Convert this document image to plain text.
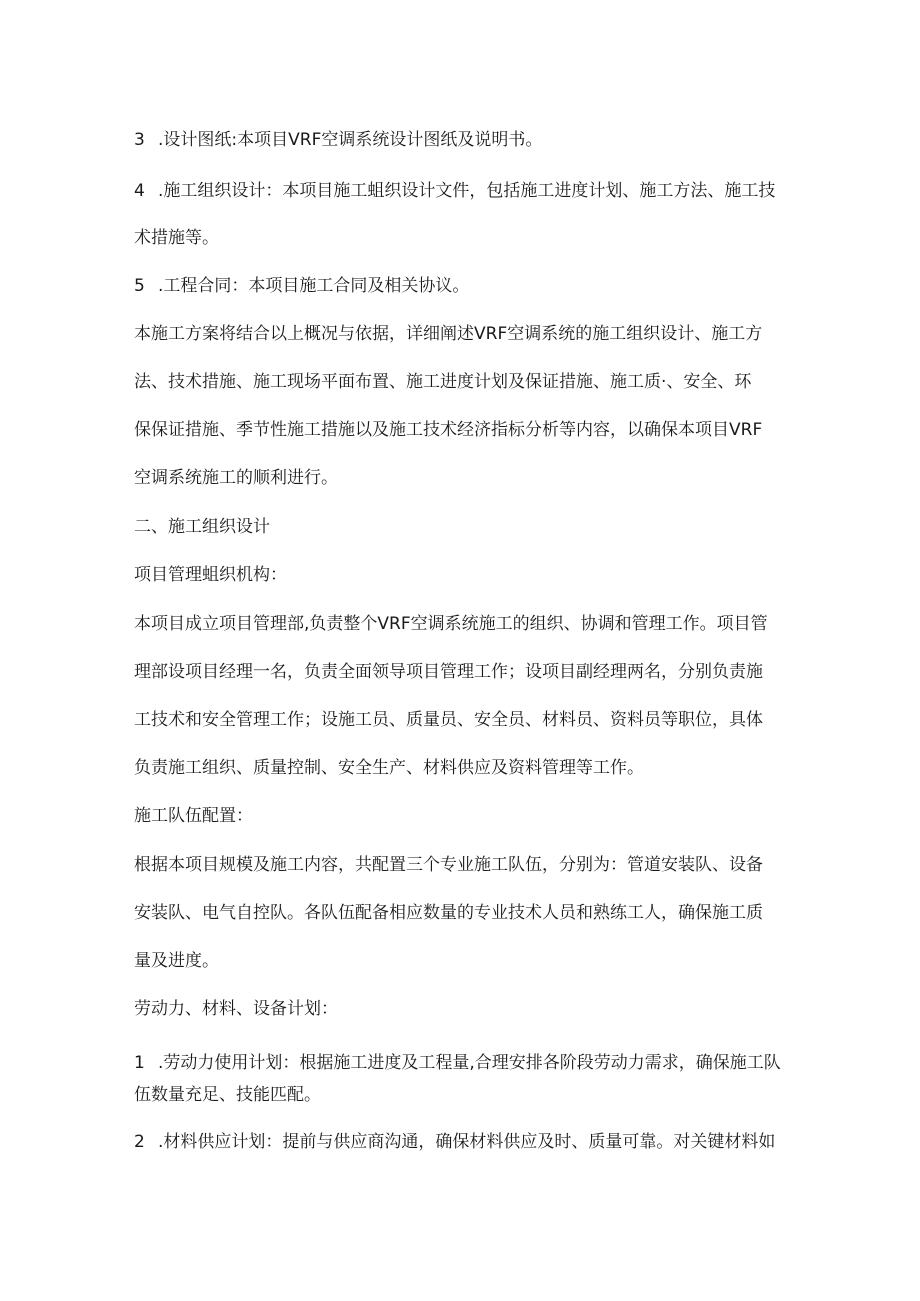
3 .设计图纸:本项目VRF空调系统设计图纸及说明书。
4 .施工组织设计：本项目施工蛆织设计文件，包括施工进度计划、施工方法、施工技
术措施等。
5 .工程合同：本项目施工合同及相关协议。
本施工方案将结合以上概况与依据，详细阐述VRF空调系统的施工组织设计、施工方
法、技术措施、施工现场平面布置、施工进度计划及保证措施、施工质·、安全、环
保保证措施、季节性施工措施以及施工技术经济指标分析等内容，以确保本项目VRF
空调系统施工的顺利进行。
二、施工组织设计
项目管理蛆织机构：
本项目成立项目管理部,负责整个VRF空调系统施工的组织、协调和管理工作。项目管
理部设项目经理一名，负责全面领导项目管理工作；设项目副经理两名，分别负责施
工技术和安全管理工作；设施工员、质量员、安全员、材料员、资料员等职位，具体
负责施工组织、质量控制、安全生产、材料供应及资料管理等工作。
施工队伍配置：
根据本项目规模及施工内容，共配置三个专业施工队伍，分别为：管道安装队、设备
安装队、电气自控队。各队伍配备相应数量的专业技术人员和熟练工人，确保施工质
量及进度。
劳动力、材料、设备计划：
1 .劳动力使用计划：根据施工进度及工程量,合理安排各阶段劳动力需求，确保施工队
伍数量充足、技能匹配。
2 .材料供应计划：提前与供应商沟通，确保材料供应及时、质量可靠。对关键材料如
